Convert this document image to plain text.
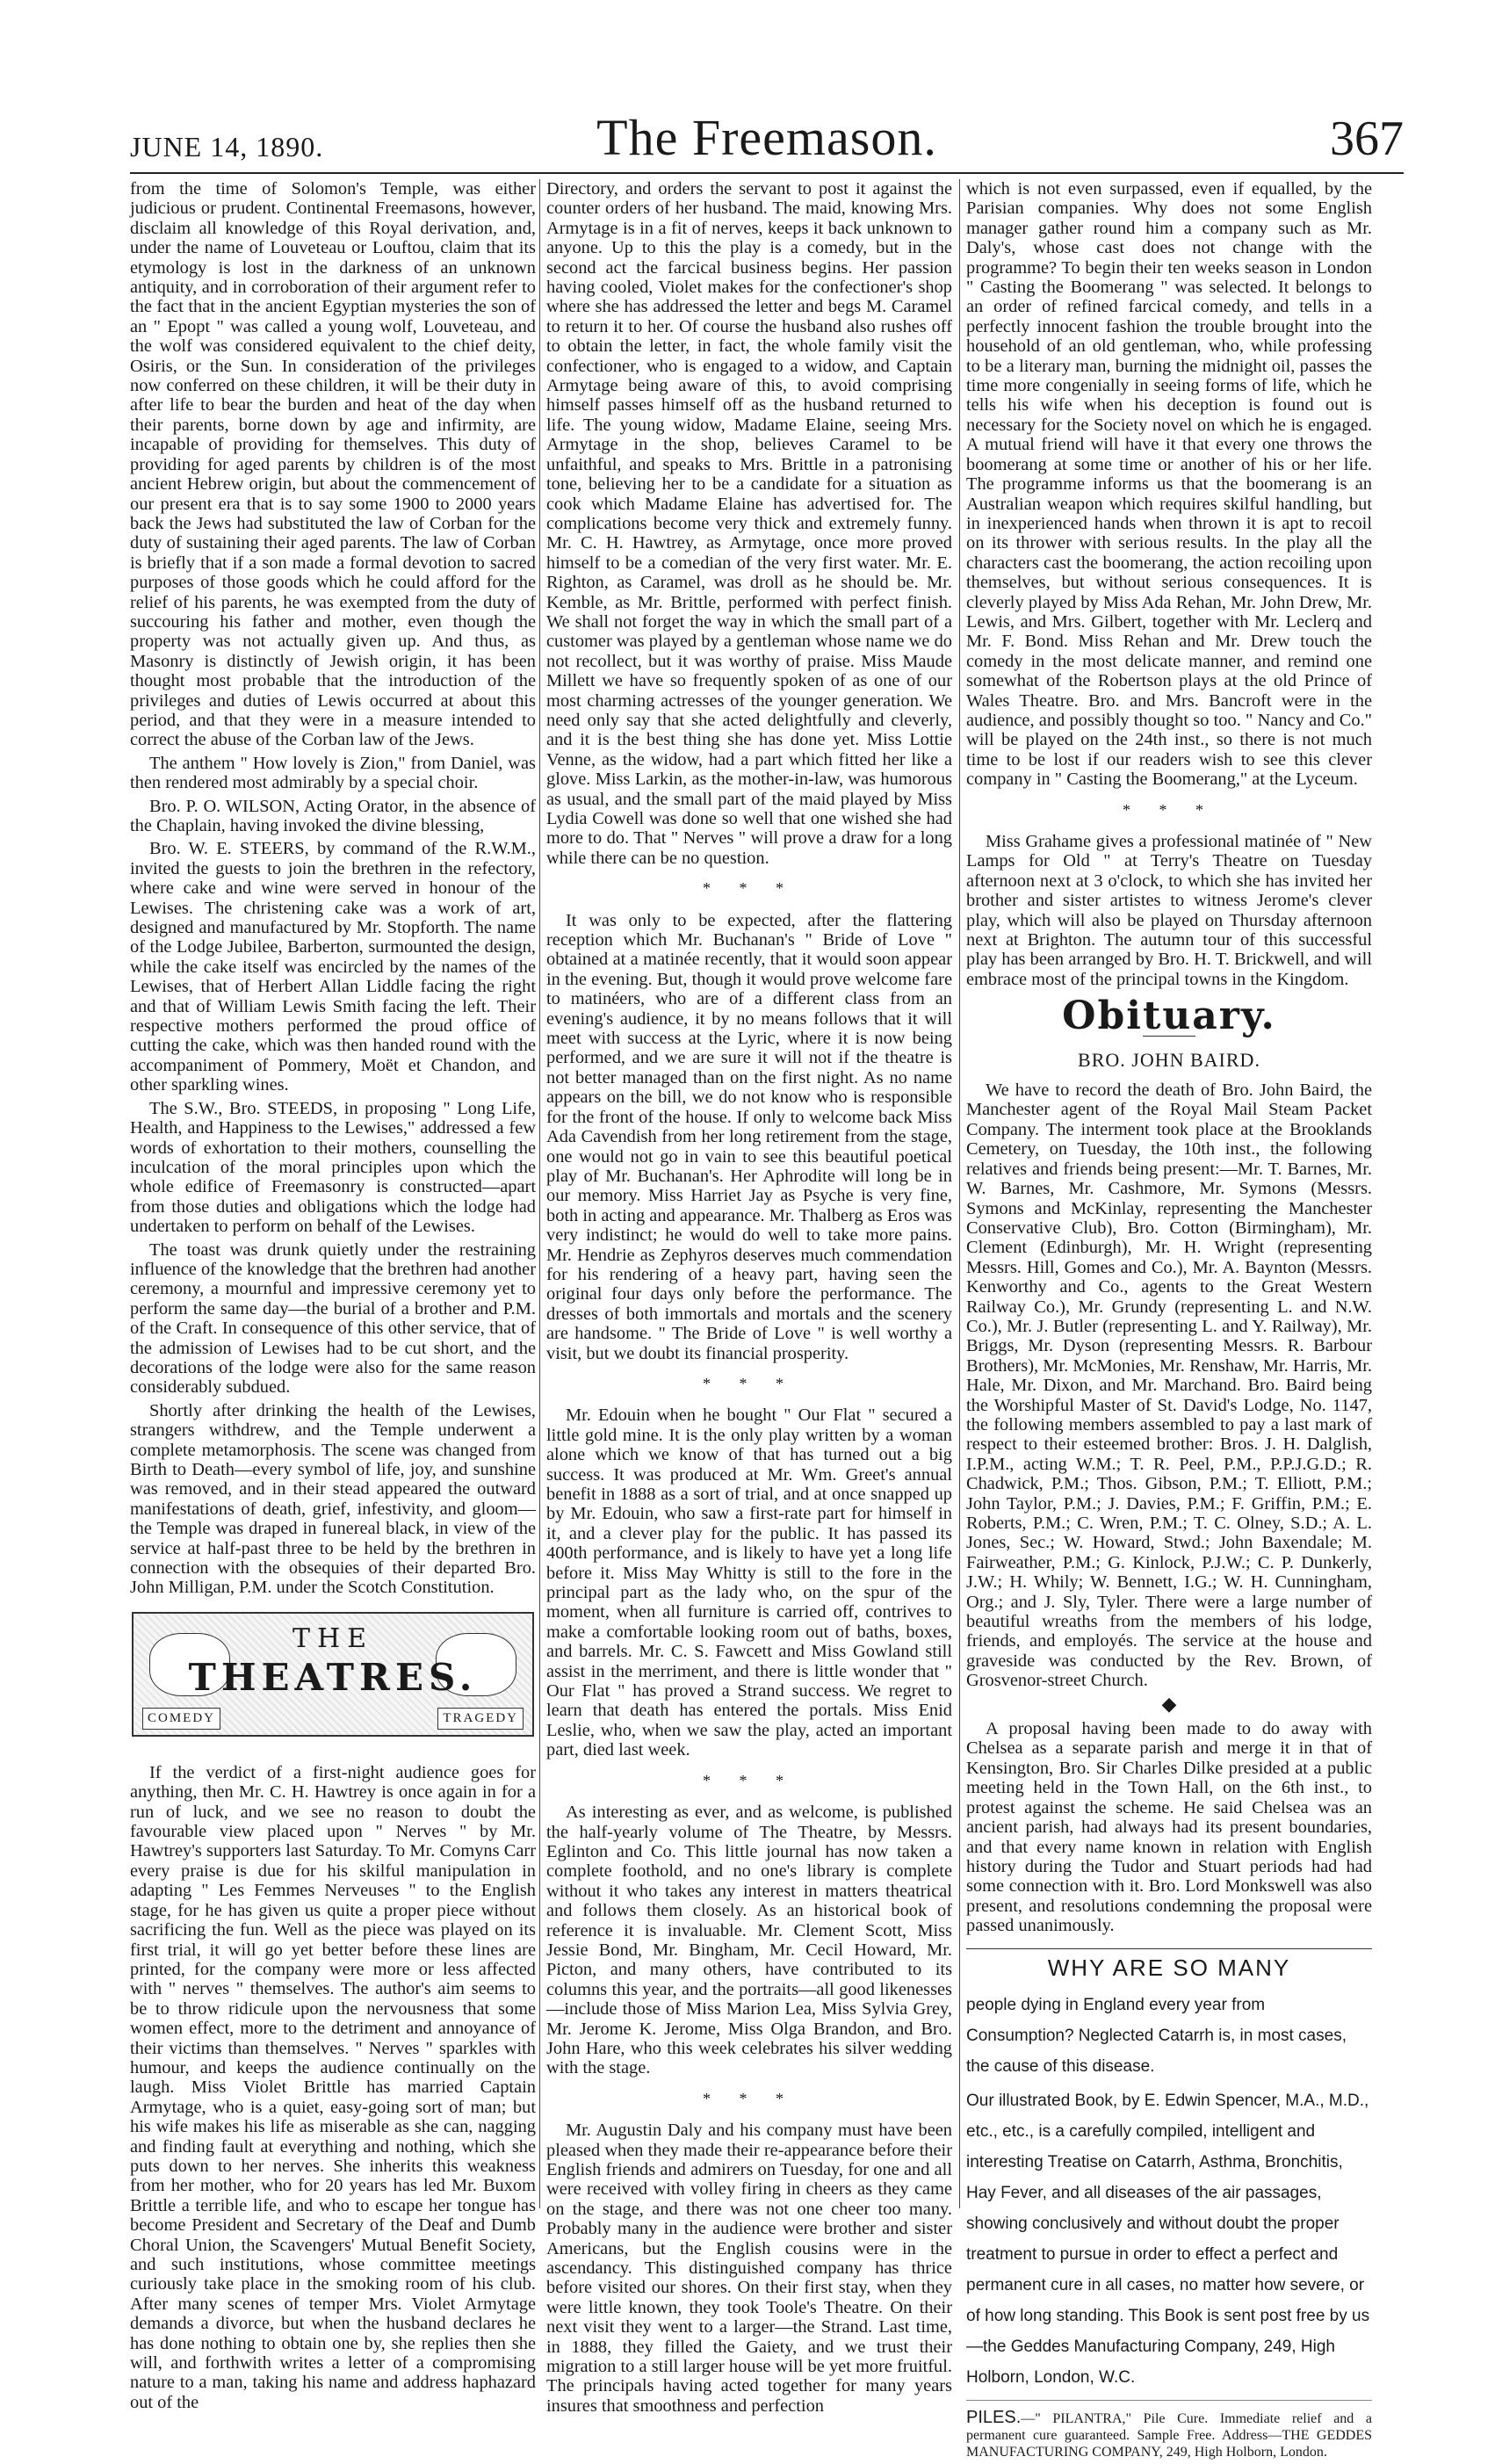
JUNE 14, 1890.	The Freemason.	367

from the time of Solomon's Temple, was either judicious or prudent. Continental Freemasons, however, disclaim all knowledge of this Royal derivation, and, under the name of Louveteau or Louftou, claim that its etymology is lost in the darkness of an unknown antiquity, and in corroboration of their argument refer to the fact that in the ancient Egyptian mysteries the son of an " Epopt " was called a young wolf, Louveteau, and the wolf was considered equivalent to the chief deity, Osiris, or the Sun. In consideration of the privileges now conferred on these children, it will be their duty in after life to bear the burden and heat of the day when their parents, borne down by age and infirmity, are incapable of providing for themselves. This duty of providing for aged parents by children is of the most ancient Hebrew origin, but about the commencement of our present era that is to say some 1900 to 2000 years back the Jews had substituted the law of Corban for the duty of sustaining their aged parents. The law of Corban is briefly that if a son made a formal devotion to sacred purposes of those goods which he could afford for the relief of his parents, he was exempted from the duty of succouring his father and mother, even though the property was not actually given up. And thus, as Masonry is distinctly of Jewish origin, it has been thought most probable that the introduction of the privileges and duties of Lewis occurred at about this period, and that they were in a measure intended to correct the abuse of the Corban law of the Jews.

The anthem " How lovely is Zion," from Daniel, was then rendered most admirably by a special choir.

Bro. P. O. WILSON, Acting Orator, in the absence of the Chaplain, having invoked the divine blessing,

Bro. W. E. STEERS, by command of the R.W.M., invited the guests to join the brethren in the refectory, where cake and wine were served in honour of the Lewises. The christening cake was a work of art, designed and manufactured by Mr. Stopforth. The name of the Lodge Jubilee, Barberton, surmounted the design, while the cake itself was encircled by the names of the Lewises, that of Herbert Allan Liddle facing the right and that of William Lewis Smith facing the left. Their respective mothers performed the proud office of cutting the cake, which was then handed round with the accompaniment of Pommery, Moët et Chandon, and other sparkling wines.

The S.W., Bro. STEEDS, in proposing " Long Life, Health, and Happiness to the Lewises," addressed a few words of exhortation to their mothers, counselling the inculcation of the moral principles upon which the whole edifice of Freemasonry is constructed—apart from those duties and obligations which the lodge had undertaken to perform on behalf of the Lewises.

The toast was drunk quietly under the restraining influence of the knowledge that the brethren had another ceremony, a mournful and impressive ceremony yet to perform the same day—the burial of a brother and P.M. of the Craft. In consequence of this other service, that of the admission of Lewises had to be cut short, and the decorations of the lodge were also for the same reason considerably subdued.

Shortly after drinking the health of the Lewises, strangers withdrew, and the Temple underwent a complete metamorphosis. The scene was changed from Birth to Death—every symbol of life, joy, and sunshine was removed, and in their stead appeared the outward manifestations of death, grief, infestivity, and gloom—the Temple was draped in funereal black, in view of the service at half-past three to be held by the brethren in connection with the obsequies of their departed Bro. John Milligan, P.M. under the Scotch Constitution.

THE
THEATRES.
COMEDY	TRAGEDY

If the verdict of a first-night audience goes for anything, then Mr. C. H. Hawtrey is once again in for a run of luck, and we see no reason to doubt the favourable view placed upon " Nerves " by Mr. Hawtrey's supporters last Saturday. To Mr. Comyns Carr every praise is due for his skilful manipulation in adapting " Les Femmes Nerveuses " to the English stage, for he has given us quite a proper piece without sacrificing the fun. Well as the piece was played on its first trial, it will go yet better before these lines are printed, for the company were more or less affected with " nerves " themselves. The author's aim seems to be to throw ridicule upon the nervousness that some women effect, more to the detriment and annoyance of their victims than themselves. " Nerves " sparkles with humour, and keeps the audience continually on the laugh. Miss Violet Brittle has married Captain Armytage, who is a quiet, easy-going sort of man; but his wife makes his life as miserable as she can, nagging and finding fault at everything and nothing, which she puts down to her nerves. She inherits this weakness from her mother, who for 20 years has led Mr. Buxom Brittle a terrible life, and who to escape her tongue has become President and Secretary of the Deaf and Dumb Choral Union, the Scavengers' Mutual Benefit Society, and such institutions, whose committee meetings curiously take place in the smoking room of his club. After many scenes of temper Mrs. Violet Armytage demands a divorce, but when the husband declares he has done nothing to obtain one by, she replies then she will, and forthwith writes a letter of a compromising nature to a man, taking his name and address haphazard out of the

Directory, and orders the servant to post it against the counter orders of her husband. The maid, knowing Mrs. Armytage is in a fit of nerves, keeps it back unknown to anyone. Up to this the play is a comedy, but in the second act the farcical business begins. Her passion having cooled, Violet makes for the confectioner's shop where she has addressed the letter and begs M. Caramel to return it to her. Of course the husband also rushes off to obtain the letter, in fact, the whole family visit the confectioner, who is engaged to a widow, and Captain Armytage being aware of this, to avoid comprising himself passes himself off as the husband returned to life. The young widow, Madame Elaine, seeing Mrs. Armytage in the shop, believes Caramel to be unfaithful, and speaks to Mrs. Brittle in a patronising tone, believing her to be a candidate for a situation as cook which Madame Elaine has advertised for. The complications become very thick and extremely funny. Mr. C. H. Hawtrey, as Armytage, once more proved himself to be a comedian of the very first water. Mr. E. Righton, as Caramel, was droll as he should be. Mr. Kemble, as Mr. Brittle, performed with perfect finish. We shall not forget the way in which the small part of a customer was played by a gentleman whose name we do not recollect, but it was worthy of praise. Miss Maude Millett we have so frequently spoken of as one of our most charming actresses of the younger generation. We need only say that she acted delightfully and cleverly, and it is the best thing she has done yet. Miss Lottie Venne, as the widow, had a part which fitted her like a glove. Miss Larkin, as the mother-in-law, was humorous as usual, and the small part of the maid played by Miss Lydia Cowell was done so well that one wished she had more to do. That " Nerves " will prove a draw for a long while there can be no question.

* * *

It was only to be expected, after the flattering reception which Mr. Buchanan's " Bride of Love " obtained at a matinée recently, that it would soon appear in the evening. But, though it would prove welcome fare to matinéers, who are of a different class from an evening's audience, it by no means follows that it will meet with success at the Lyric, where it is now being performed, and we are sure it will not if the theatre is not better managed than on the first night. As no name appears on the bill, we do not know who is responsible for the front of the house. If only to welcome back Miss Ada Cavendish from her long retirement from the stage, one would not go in vain to see this beautiful poetical play of Mr. Buchanan's. Her Aphrodite will long be in our memory. Miss Harriet Jay as Psyche is very fine, both in acting and appearance. Mr. Thalberg as Eros was very indistinct; he would do well to take more pains. Mr. Hendrie as Zephyros deserves much commendation for his rendering of a heavy part, having seen the original four days only before the performance. The dresses of both immortals and mortals and the scenery are handsome. " The Bride of Love " is well worthy a visit, but we doubt its financial prosperity.

* * *

Mr. Edouin when he bought " Our Flat " secured a little gold mine. It is the only play written by a woman alone which we know of that has turned out a big success. It was produced at Mr. Wm. Greet's annual benefit in 1888 as a sort of trial, and at once snapped up by Mr. Edouin, who saw a first-rate part for himself in it, and a clever play for the public. It has passed its 400th performance, and is likely to have yet a long life before it. Miss May Whitty is still to the fore in the principal part as the lady who, on the spur of the moment, when all furniture is carried off, contrives to make a comfortable looking room out of baths, boxes, and barrels. Mr. C. S. Fawcett and Miss Gowland still assist in the merriment, and there is little wonder that " Our Flat " has proved a Strand success. We regret to learn that death has entered the portals. Miss Enid Leslie, who, when we saw the play, acted an important part, died last week.

* * *

As interesting as ever, and as welcome, is published the half-yearly volume of The Theatre, by Messrs. Eglinton and Co. This little journal has now taken a complete foothold, and no one's library is complete without it who takes any interest in matters theatrical and follows them closely. As an historical book of reference it is invaluable. Mr. Clement Scott, Miss Jessie Bond, Mr. Bingham, Mr. Cecil Howard, Mr. Picton, and many others, have contributed to its columns this year, and the portraits—all good likenesses—include those of Miss Marion Lea, Miss Sylvia Grey, Mr. Jerome K. Jerome, Miss Olga Brandon, and Bro. John Hare, who this week celebrates his silver wedding with the stage.

* * *

Mr. Augustin Daly and his company must have been pleased when they made their re-appearance before their English friends and admirers on Tuesday, for one and all were received with volley firing in cheers as they came on the stage, and there was not one cheer too many. Probably many in the audience were brother and sister Americans, but the English cousins were in the ascendancy. This distinguished company has thrice before visited our shores. On their first stay, when they were little known, they took Toole's Theatre. On their next visit they went to a larger—the Strand. Last time, in 1888, they filled the Gaiety, and we trust their migration to a still larger house will be yet more fruitful. The principals having acted together for many years insures that smoothness and perfection

which is not even surpassed, even if equalled, by the Parisian companies. Why does not some English manager gather round him a company such as Mr. Daly's, whose cast does not change with the programme? To begin their ten weeks season in London " Casting the Boomerang " was selected. It belongs to an order of refined farcical comedy, and tells in a perfectly innocent fashion the trouble brought into the household of an old gentleman, who, while professing to be a literary man, burning the midnight oil, passes the time more congenially in seeing forms of life, which he tells his wife when his deception is found out is necessary for the Society novel on which he is engaged. A mutual friend will have it that every one throws the boomerang at some time or another of his or her life. The programme informs us that the boomerang is an Australian weapon which requires skilful handling, but in inexperienced hands when thrown it is apt to recoil on its thrower with serious results. In the play all the characters cast the boomerang, the action recoiling upon themselves, but without serious consequences. It is cleverly played by Miss Ada Rehan, Mr. John Drew, Mr. Lewis, and Mrs. Gilbert, together with Mr. Leclerq and Mr. F. Bond. Miss Rehan and Mr. Drew touch the comedy in the most delicate manner, and remind one somewhat of the Robertson plays at the old Prince of Wales Theatre. Bro. and Mrs. Bancroft were in the audience, and possibly thought so too. " Nancy and Co." will be played on the 24th inst., so there is not much time to be lost if our readers wish to see this clever company in " Casting the Boomerang," at the Lyceum.

* * *

Miss Grahame gives a professional matinée of " New Lamps for Old " at Terry's Theatre on Tuesday afternoon next at 3 o'clock, to which she has invited her brother and sister artistes to witness Jerome's clever play, which will also be played on Thursday afternoon next at Brighton. The autumn tour of this successful play has been arranged by Bro. H. T. Brickwell, and will embrace most of the principal towns in the Kingdom.

Obituary.
BRO. JOHN BAIRD.

We have to record the death of Bro. John Baird, the Manchester agent of the Royal Mail Steam Packet Company. The interment took place at the Brooklands Cemetery, on Tuesday, the 10th inst., the following relatives and friends being present:—Mr. T. Barnes, Mr. W. Barnes, Mr. Cashmore, Mr. Symons (Messrs. Symons and McKinlay, representing the Manchester Conservative Club), Bro. Cotton (Birmingham), Mr. Clement (Edinburgh), Mr. H. Wright (representing Messrs. Hill, Gomes and Co.), Mr. A. Baynton (Messrs. Kenworthy and Co., agents to the Great Western Railway Co.), Mr. Grundy (representing L. and N.W. Co.), Mr. J. Butler (representing L. and Y. Railway), Mr. Briggs, Mr. Dyson (representing Messrs. R. Barbour Brothers), Mr. McMonies, Mr. Renshaw, Mr. Harris, Mr. Hale, Mr. Dixon, and Mr. Marchand. Bro. Baird being the Worshipful Master of St. David's Lodge, No. 1147, the following members assembled to pay a last mark of respect to their esteemed brother: Bros. J. H. Dalglish, I.P.M., acting W.M.; T. R. Peel, P.M., P.P.J.G.D.; R. Chadwick, P.M.; Thos. Gibson, P.M.; T. Elliott, P.M.; John Taylor, P.M.; J. Davies, P.M.; F. Griffin, P.M.; E. Roberts, P.M.; C. Wren, P.M.; T. C. Olney, S.D.; A. L. Jones, Sec.; W. Howard, Stwd.; John Baxendale; M. Fairweather, P.M.; G. Kinlock, P.J.W.; C. P. Dunkerly, J.W.; H. Whily; W. Bennett, I.G.; W. H. Cunningham, Org.; and J. Sly, Tyler. There were a large number of beautiful wreaths from the members of his lodge, friends, and employés. The service at the house and graveside was conducted by the Rev. Brown, of Grosvenor-street Church.

◆

A proposal having been made to do away with Chelsea as a separate parish and merge it in that of Kensington, Bro. Sir Charles Dilke presided at a public meeting held in the Town Hall, on the 6th inst., to protest against the scheme. He said Chelsea was an ancient parish, had always had its present boundaries, and that every name known in relation with English history during the Tudor and Stuart periods had had some connection with it. Bro. Lord Monkswell was also present, and resolutions condemning the proposal were passed unanimously.

WHY ARE SO MANY

people dying in England every year from Consumption? Neglected Catarrh is, in most cases, the cause of this disease.

Our illustrated Book, by E. Edwin Spencer, M.A., M.D., etc., etc., is a carefully compiled, intelligent and interesting Treatise on Catarrh, Asthma, Bronchitis, Hay Fever, and all diseases of the air passages, showing conclusively and without doubt the proper treatment to pursue in order to effect a perfect and permanent cure in all cases, no matter how severe, or of how long standing. This Book is sent post free by us—the Geddes Manufacturing Company, 249, High Holborn, London, W.C.

PILES.—" PILANTRA," Pile Cure. Immediate relief and a permanent cure guaranteed. Sample Free. Address—THE GEDDES MANUFACTURING COMPANY, 249, High Holborn, London.
